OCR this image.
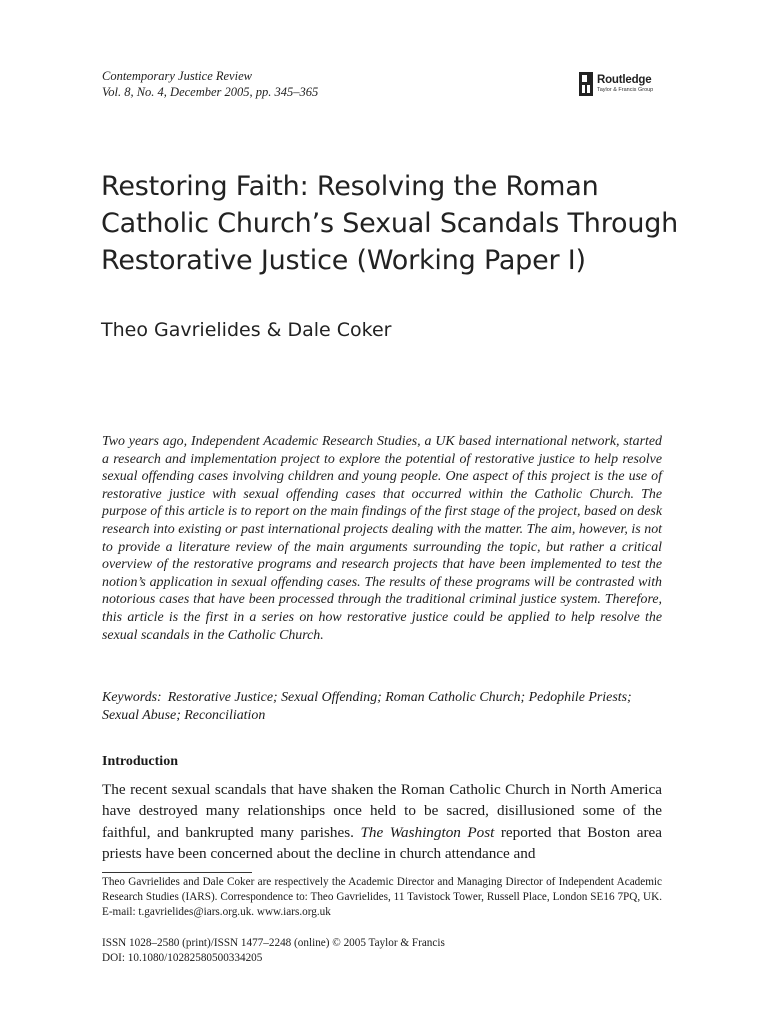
Contemporary Justice Review
Vol. 8, No. 4, December 2005, pp. 345–365
Routledge
Taylor & Francis Group
Restoring Faith: Resolving the Roman Catholic Church’s Sexual Scandals Through Restorative Justice (Working Paper I)
Theo Gavrielides & Dale Coker

Two years ago, Independent Academic Research Studies, a UK based international network, started a research and implementation project to explore the potential of restorative justice to help resolve sexual offending cases involving children and young people. One aspect of this project is the use of restorative justice with sexual offending cases that occurred within the Catholic Church. The purpose of this article is to report on the main findings of the first stage of the project, based on desk research into existing or past international projects dealing with the matter. The aim, however, is not to provide a literature review of the main arguments surrounding the topic, but rather a critical overview of the restorative programs and research projects that have been implemented to test the notion’s application in sexual offending cases. The results of these programs will be contrasted with notorious cases that have been processed through the traditional criminal justice system. Therefore, this article is the first in a series on how restorative justice could be applied to help resolve the sexual scandals in the Catholic Church.

Keywords: Restorative Justice; Sexual Offending; Roman Catholic Church; Pedophile Priests; Sexual Abuse; Reconciliation

Introduction

The recent sexual scandals that have shaken the Roman Catholic Church in North America have destroyed many relationships once held to be sacred, disillusioned some of the faithful, and bankrupted many parishes. The Washington Post reported that Boston area priests have been concerned about the decline in church attendance and

Theo Gavrielides and Dale Coker are respectively the Academic Director and Managing Director of Independent Academic Research Studies (IARS). Correspondence to: Theo Gavrielides, 11 Tavistock Tower, Russell Place, London SE16 7PQ, UK. E-mail: t.gavrielides@iars.org.uk. www.iars.org.uk

ISSN 1028–2580 (print)/ISSN 1477–2248 (online) © 2005 Taylor & Francis
DOI: 10.1080/10282580500334205
